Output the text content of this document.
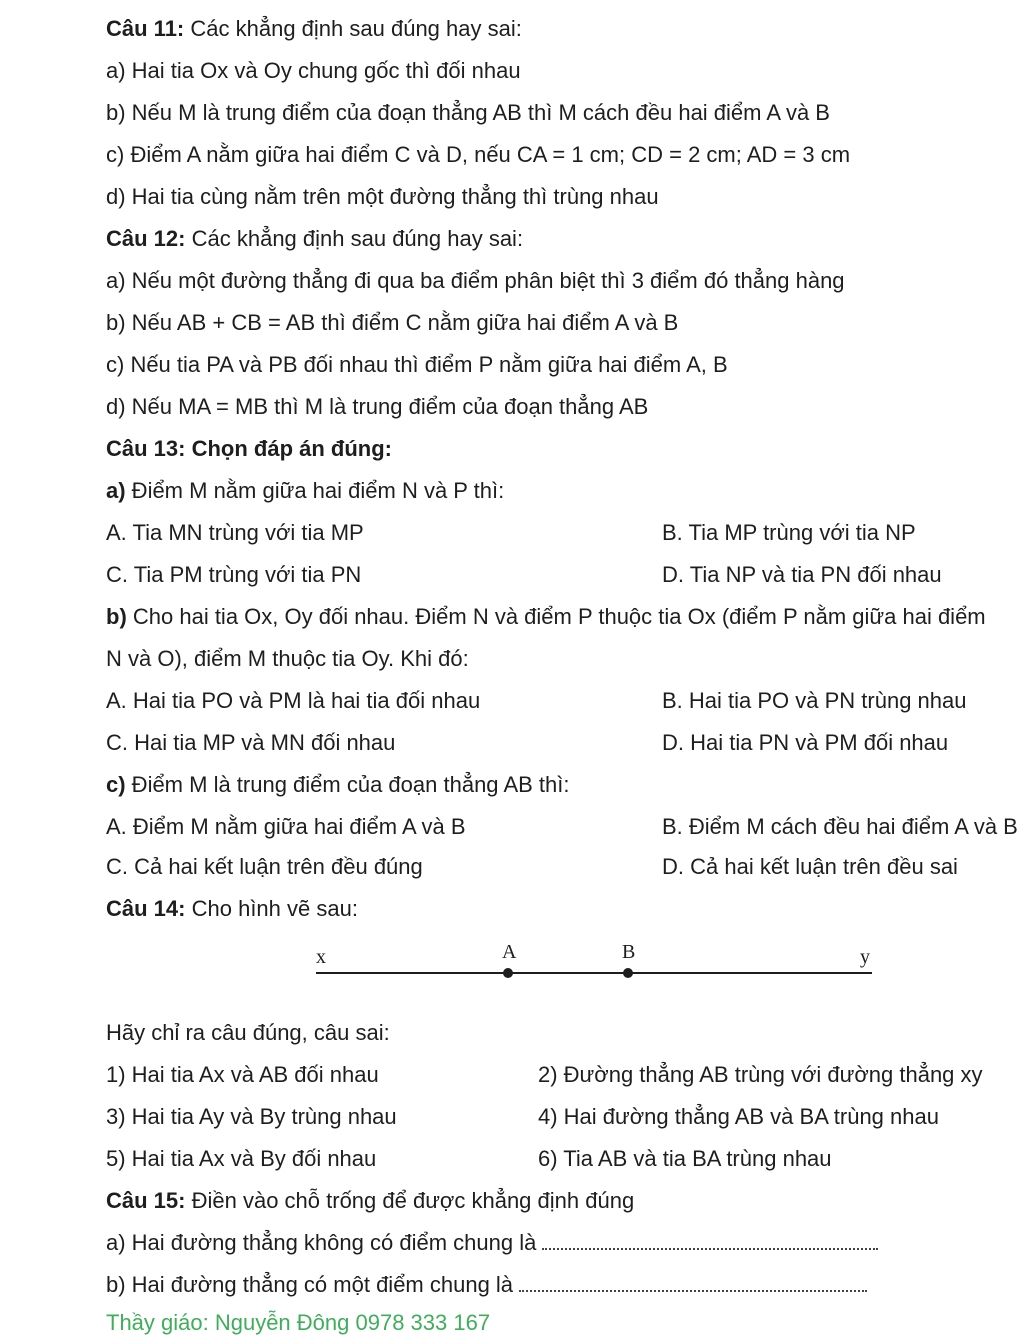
Câu 11: Các khẳng định sau đúng hay sai:
a) Hai tia Ox và Oy chung gốc thì đối nhau
b) Nếu M là trung điểm của đoạn thẳng AB thì M cách đều hai điểm A và B
c) Điểm A nằm giữa hai điểm C và D, nếu CA = 1 cm; CD = 2 cm; AD = 3 cm
d) Hai tia cùng nằm trên một đường thẳng thì trùng nhau
Câu 12: Các khẳng định sau đúng hay sai:
a) Nếu một đường thẳng đi qua ba điểm phân biệt thì 3 điểm đó thẳng hàng
b) Nếu AB + CB = AB thì điểm C nằm giữa hai điểm A và B
c) Nếu tia PA và PB đối nhau thì điểm P nằm giữa hai điểm A, B
d) Nếu MA = MB thì M là trung điểm của đoạn thẳng AB
Câu 13: Chọn đáp án đúng:
a) Điểm M nằm giữa hai điểm N và P thì:
A. Tia MN trùng với tia MP	B. Tia MP trùng với tia NP
C. Tia PM trùng với tia PN	D. Tia NP và tia PN đối nhau
b) Cho hai tia Ox, Oy đối nhau. Điểm N và điểm P thuộc tia Ox (điểm P nằm giữa hai điểm
N và O), điểm M thuộc tia Oy. Khi đó:
A. Hai tia PO và PM là hai tia đối nhau	B. Hai tia PO và PN trùng nhau
C. Hai tia MP và MN đối nhau	D. Hai tia PN và PM đối nhau
c) Điểm M là trung điểm của đoạn thẳng AB thì:
A. Điểm M nằm giữa hai điểm A và B	B. Điểm M cách đều hai điểm A và B
C. Cả hai kết luận trên đều đúng	D. Cả hai kết luận trên đều sai
Câu 14: Cho hình vẽ sau:
x	A	B	y
Hãy chỉ ra câu đúng, câu sai:
1) Hai tia Ax và AB đối nhau	2) Đường thẳng AB trùng với đường thẳng xy
3) Hai tia Ay và By trùng nhau	4) Hai đường thẳng AB và BA trùng nhau
5) Hai tia Ax và By đối nhau	6) Tia AB và tia BA trùng nhau
Câu 15: Điền vào chỗ trống để được khẳng định đúng
a) Hai đường thẳng không có điểm chung là
b) Hai đường thẳng có một điểm chung là
Thầy giáo: Nguyễn Đông 0978 333 167
